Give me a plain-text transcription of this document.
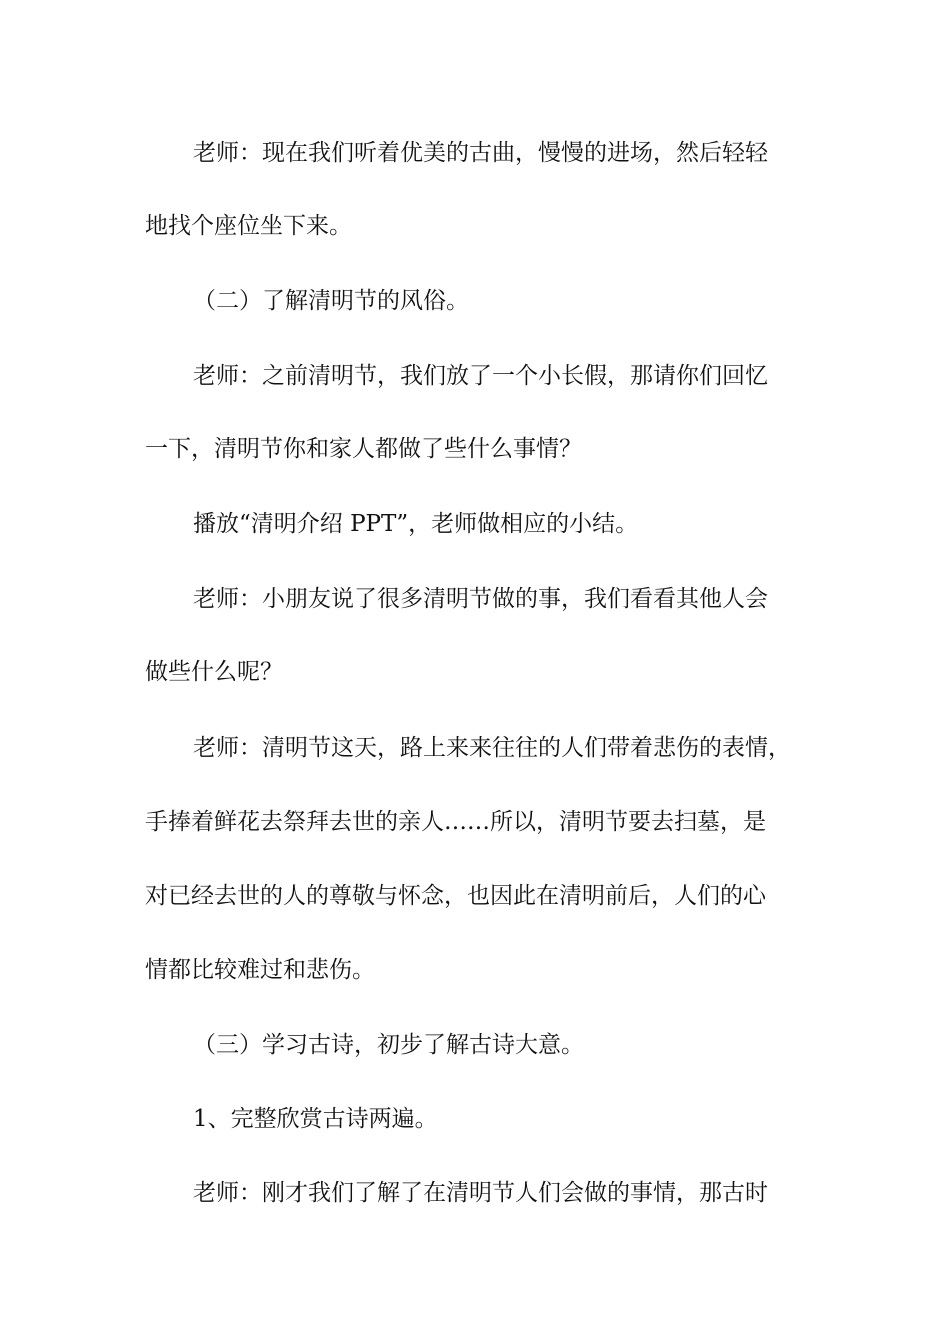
老师：现在我们听着优美的古曲，慢慢的进场，然后轻轻
地找个座位坐下来。
（二）了解清明节的风俗。
老师：之前清明节，我们放了一个小长假，那请你们回忆
一下，清明节你和家人都做了些什么事情？
播放“清明介绍 PPT”，老师做相应的小结。
老师：小朋友说了很多清明节做的事，我们看看其他人会
做些什么呢？
老师：清明节这天，路上来来往往的人们带着悲伤的表情，
手捧着鲜花去祭拜去世的亲人……所以，清明节要去扫墓，是
对已经去世的人的尊敬与怀念，也因此在清明前后，人们的心
情都比较难过和悲伤。
（三）学习古诗，初步了解古诗大意。
1、完整欣赏古诗两遍。
老师：刚才我们了解了在清明节人们会做的事情，那古时
